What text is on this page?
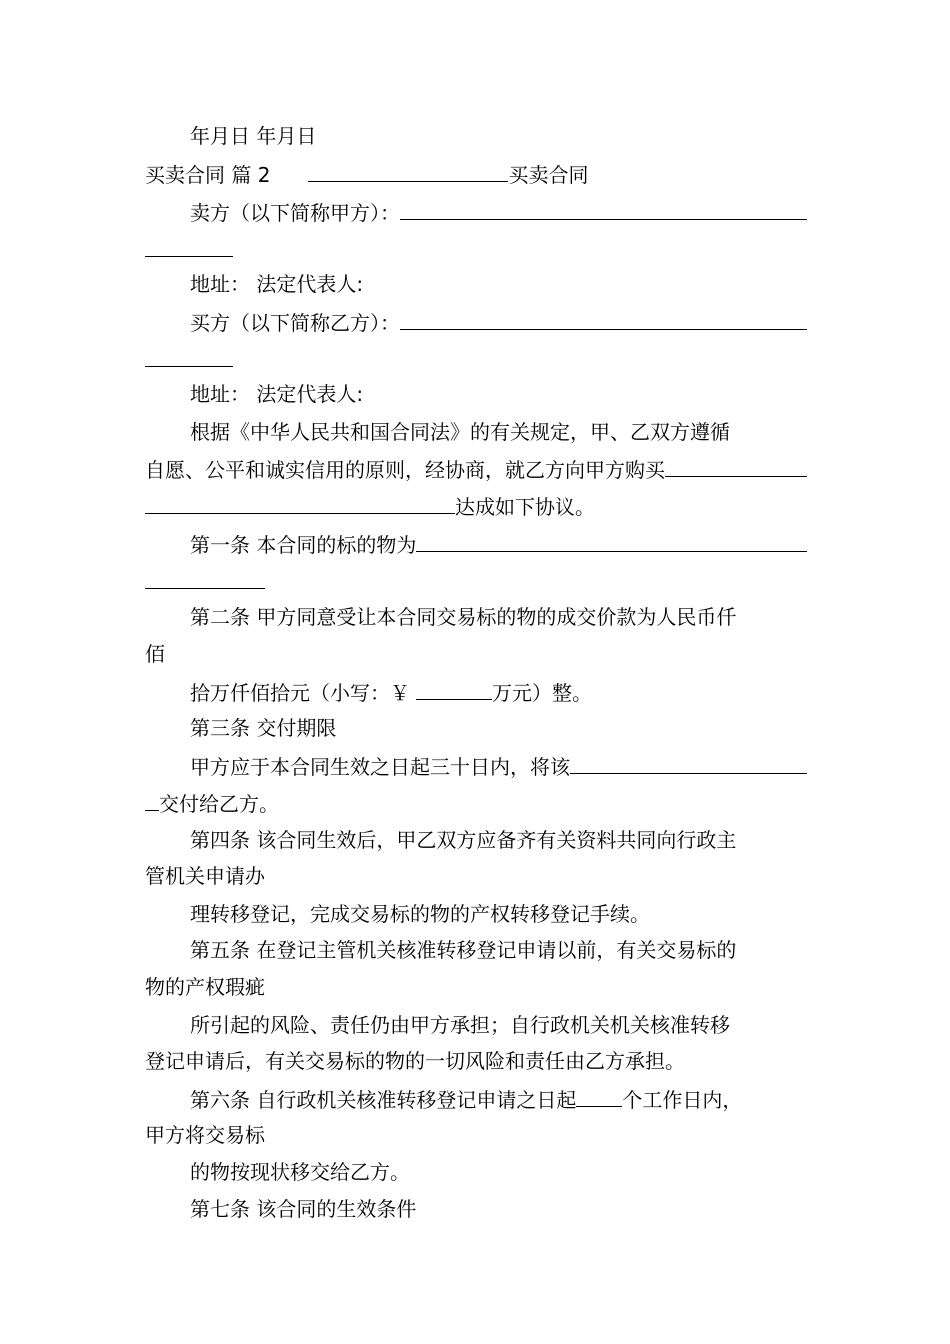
年月日 年月日
买卖合同 篇 2	买卖合同
卖方（以下简称甲方）：
地址： 法定代表人:
买方（以下简称乙方）：
地址： 法定代表人:
根据《中华人民共和国合同法》的有关规定，甲、乙双方遵循
自愿、公平和诚实信用的原则，经协商，就乙方向甲方购买
达成如下协议。
第一条 本合同的标的物为
第二条 甲方同意受让本合同交易标的物的成交价款为人民币仟
佰
拾万仟佰拾元（小写：￥	万元）整。
第三条 交付期限
甲方应于本合同生效之日起三十日内，将该
交付给乙方。
第四条 该合同生效后，甲乙双方应备齐有关资料共同向行政主
管机关申请办
理转移登记，完成交易标的物的产权转移登记手续。
第五条 在登记主管机关核准转移登记申请以前，有关交易标的
物的产权瑕疵
所引起的风险、责任仍由甲方承担；自行政机关机关核准转移
登记申请后，有关交易标的物的一切风险和责任由乙方承担。
第六条 自行政机关核准转移登记申请之日起 个工作日内，
甲方将交易标
的物按现状移交给乙方。
第七条 该合同的生效条件
